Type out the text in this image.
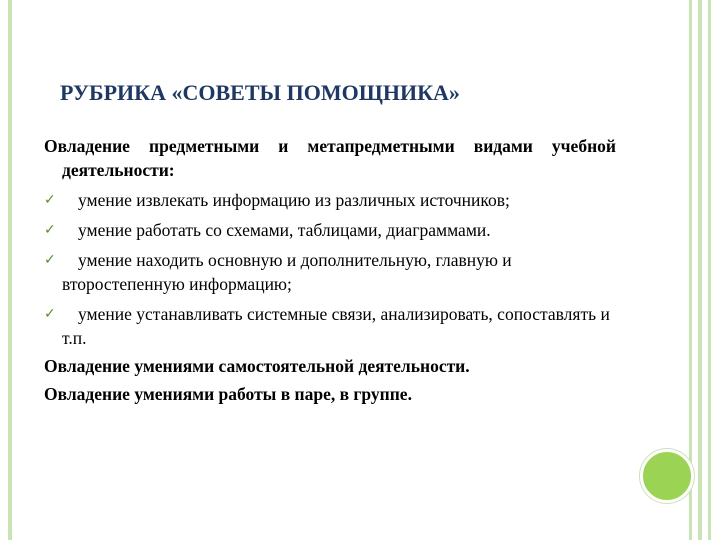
РУБРИКА «СОВЕТЫ ПОМОЩНИКА»

Овладение предметными и метапредметными видами учебной деятельности:

✓	умение извлекать информацию из различных источников;
✓	умение работать со схемами, таблицами, диаграммами.
✓	умение находить основную и дополнительную, главную и второстепенную информацию;
✓	умение устанавливать системные связи, анализировать, сопоставлять и т.п.

Овладение умениями самостоятельной деятельности.

Овладение умениями работы в паре, в группе.
